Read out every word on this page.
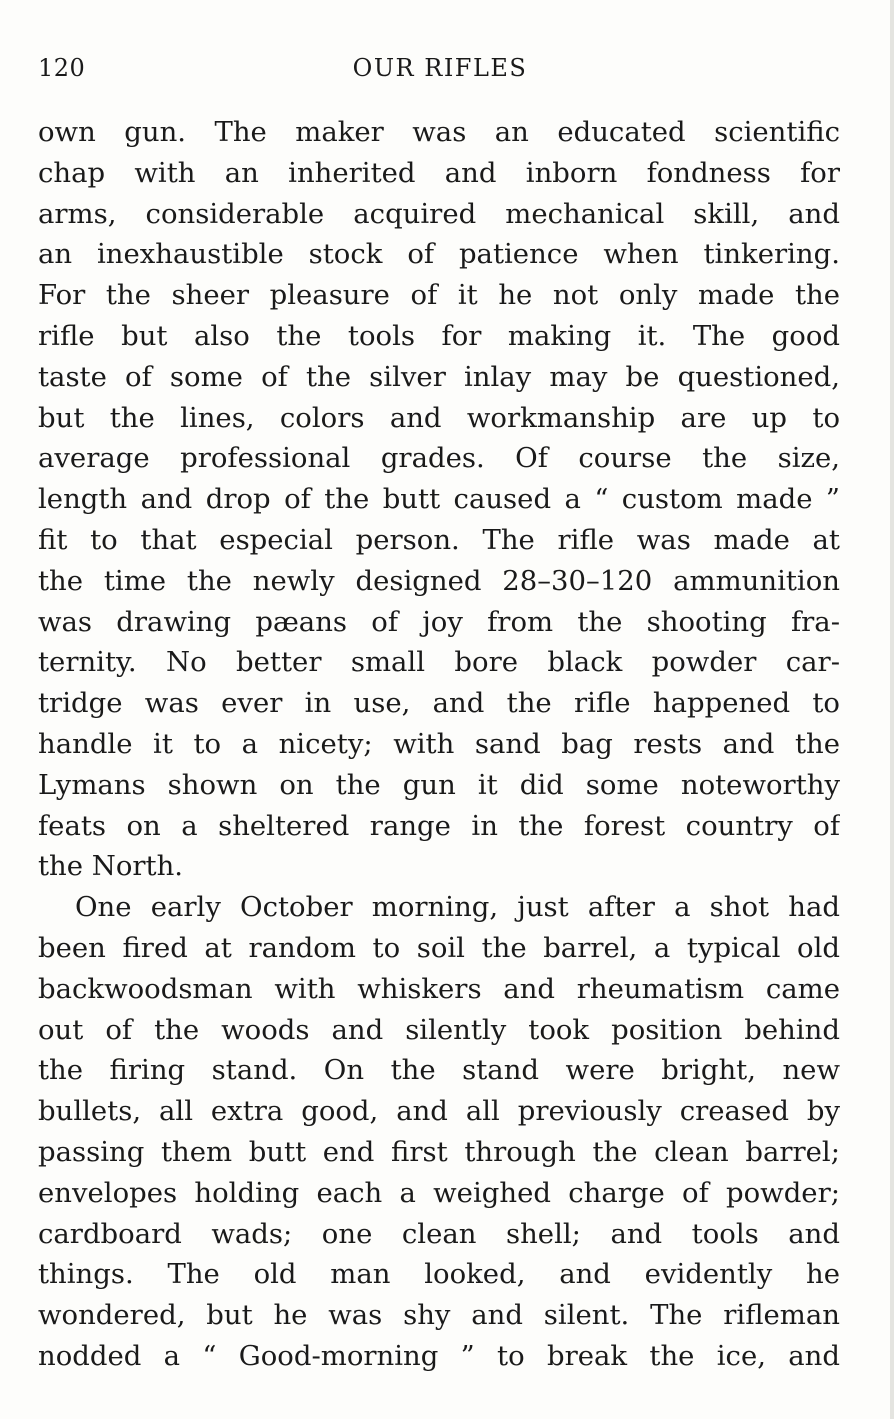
120	OUR RIFLES
own gun. The maker was an educated scientific
chap with an inherited and inborn fondness for
arms, considerable acquired mechanical skill, and
an inexhaustible stock of patience when tinkering.
For the sheer pleasure of it he not only made the
rifle but also the tools for making it. The good
taste of some of the silver inlay may be questioned,
but the lines, colors and workmanship are up to
average professional grades. Of course the size,
length and drop of the butt caused a “ custom made ”
fit to that especial person. The rifle was made at
the time the newly designed 28–30–120 ammunition
was drawing pæans of joy from the shooting fra-
ternity. No better small bore black powder car-
tridge was ever in use, and the rifle happened to
handle it to a nicety; with sand bag rests and the
Lymans shown on the gun it did some noteworthy
feats on a sheltered range in the forest country of
the North.
One early October morning, just after a shot had
been fired at random to soil the barrel, a typical old
backwoodsman with whiskers and rheumatism came
out of the woods and silently took position behind
the firing stand. On the stand were bright, new
bullets, all extra good, and all previously creased by
passing them butt end first through the clean barrel;
envelopes holding each a weighed charge of powder;
cardboard wads; one clean shell; and tools and
things. The old man looked, and evidently he
wondered, but he was shy and silent. The rifleman
nodded a “ Good-morning ” to break the ice, and
